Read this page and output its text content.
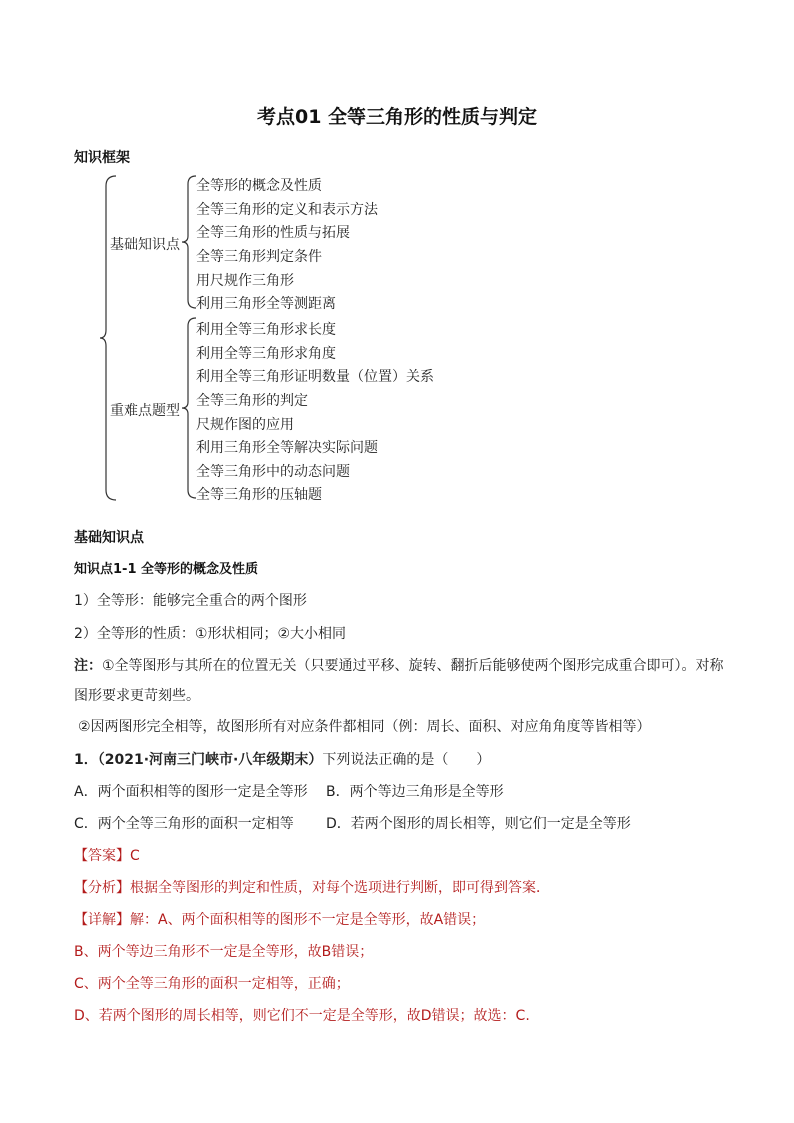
考点01 全等三角形的性质与判定
知识框架
基础知识点
全等形的概念及性质
全等三角形的定义和表示方法
全等三角形的性质与拓展
全等三角形判定条件
用尺规作三角形
利用三角形全等测距离
重难点题型
利用全等三角形求长度
利用全等三角形求角度
利用全等三角形证明数量（位置）关系
全等三角形的判定
尺规作图的应用
利用三角形全等解决实际问题
全等三角形中的动态问题
全等三角形的压轴题
基础知识点
知识点1-1 全等形的概念及性质
1）全等形：能够完全重合的两个图形
2）全等形的性质：①形状相同；②大小相同
注：①全等图形与其所在的位置无关（只要通过平移、旋转、翻折后能够使两个图形完成重合即可）。对称
图形要求更苛刻些。
②因两图形完全相等，故图形所有对应条件都相同（例：周长、面积、对应角角度等皆相等）
1．（2021·河南三门峡市·八年级期末）下列说法正确的是（　　）
A．两个面积相等的图形一定是全等形 B．两个等边三角形是全等形
C．两个全等三角形的面积一定相等 D．若两个图形的周长相等，则它们一定是全等形
【答案】C
【分析】根据全等图形的判定和性质，对每个选项进行判断，即可得到答案．
【详解】解：A、两个面积相等的图形不一定是全等形，故A错误；
B、两个等边三角形不一定是全等形，故B错误；
C、两个全等三角形的面积一定相等，正确；
D、若两个图形的周长相等，则它们不一定是全等形，故D错误；故选：C.
